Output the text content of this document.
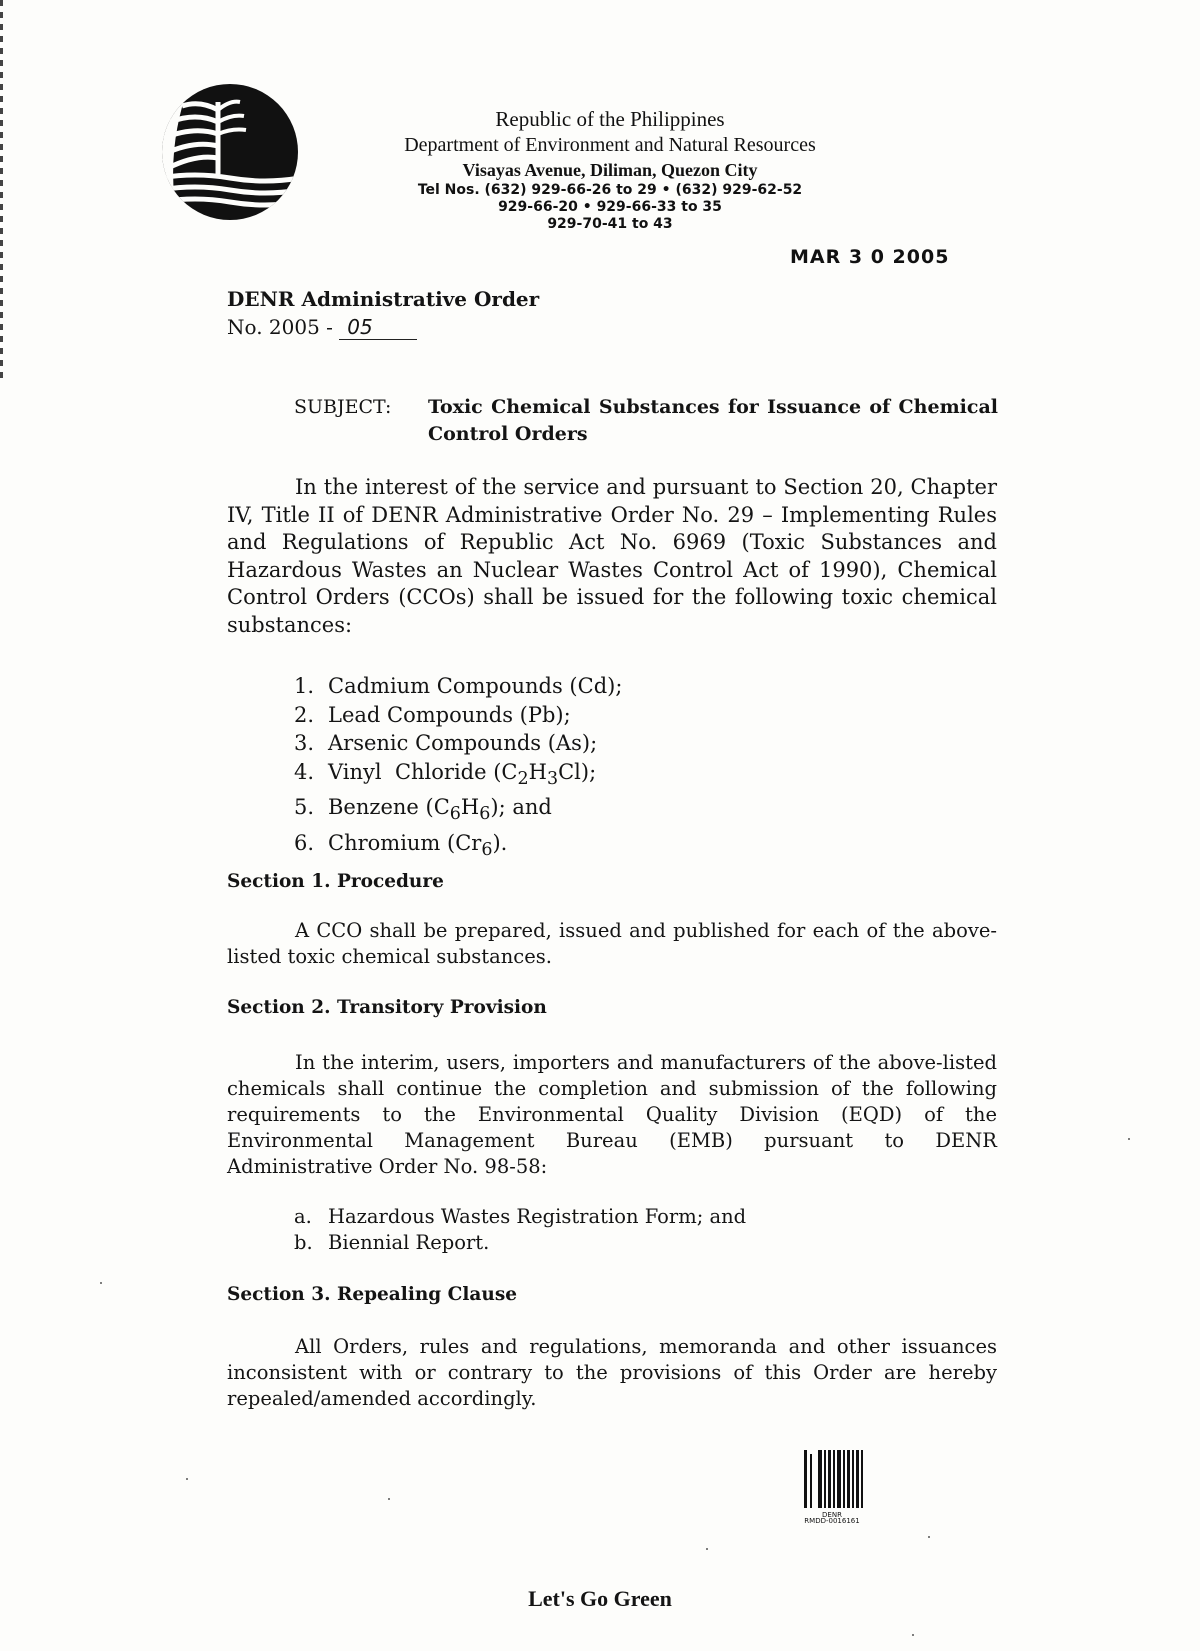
Republic of the Philippines
Department of Environment and Natural Resources
Visayas Avenue, Diliman, Quezon City
Tel Nos. (632) 929-66-26 to 29 • (632) 929-62-52
929-66-20 • 929-66-33 to 35
929-70-41 to 43
MAR 3 0 2005
DENR Administrative Order
No. 2005 - 05
SUBJECT: Toxic Chemical Substances for Issuance of Chemical Control Orders

In the interest of the service and pursuant to Section 20, Chapter IV, Title II of DENR Administrative Order No. 29 – Implementing Rules and Regulations of Republic Act No. 6969 (Toxic Substances and Hazardous Wastes an Nuclear Wastes Control Act of 1990), Chemical Control Orders (CCOs) shall be issued for the following toxic chemical substances:

1. Cadmium Compounds (Cd);
2. Lead Compounds (Pb);
3. Arsenic Compounds (As);
4. Vinyl  Chloride $(C_2H_3Cl)$;
5. Benzene $(C_6H_6)$; and
6. Chromium $(Cr_6)$.
Section 1. Procedure

A CCO shall be prepared, issued and published for each of the above-listed toxic chemical substances.

Section 2. Transitory Provision

In the interim, users, importers and manufacturers of the above-listed chemicals shall continue the completion and submission of the following requirements to the Environmental Quality Division (EQD) of the Environmental Management Bureau (EMB) pursuant to DENR Administrative Order No. 98-58:

a. Hazardous Wastes Registration Form; and
b. Biennial Report.
Section 3. Repealing Clause

All Orders, rules and regulations, memoranda and other issuances inconsistent with or contrary to the provisions of this Order are hereby repealed/amended accordingly.

DENR
RMDD-0016161
Let's Go Green
